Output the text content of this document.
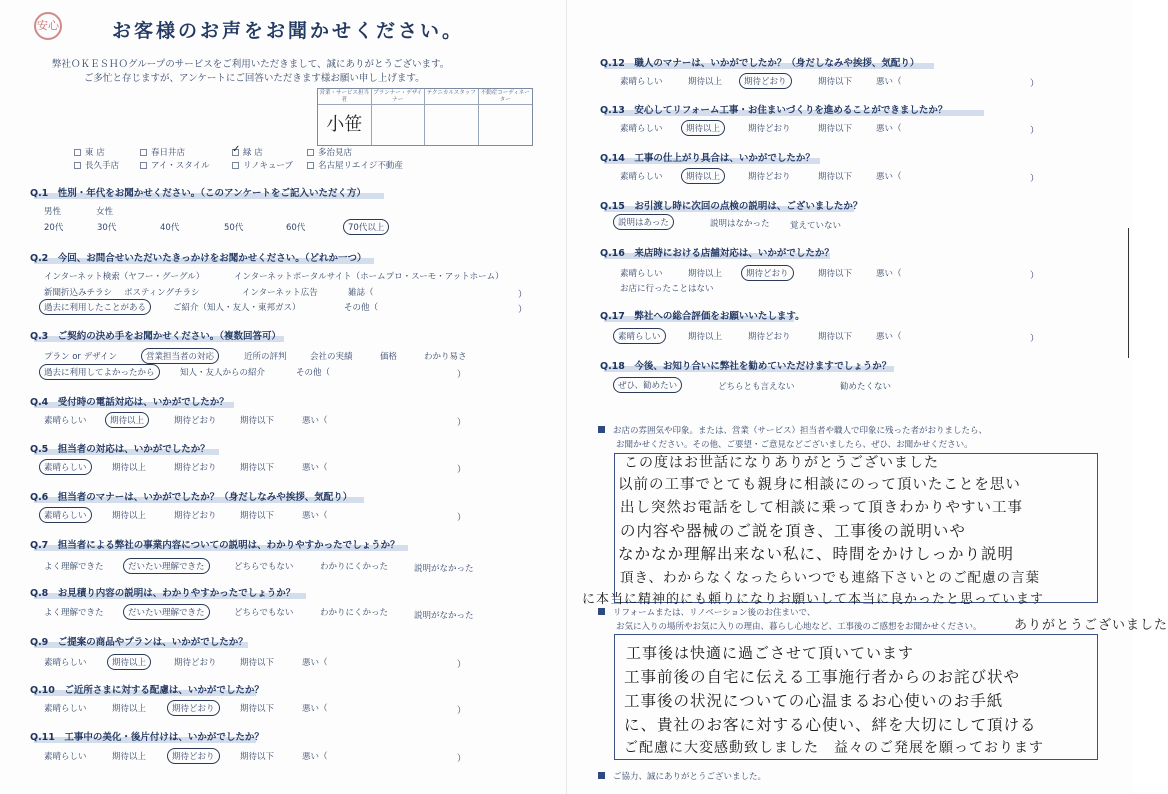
安心	お客様のお声をお聞かせください。
弊社ＯＫＥＳＨＯグループのサービスをご利用いただきまして、誠にありがとうございます。
ご多忙と存じますが、アンケートにご回答いただきます様お願い申し上げます。
営業・サービス担当者
プランナー・デザイナー
テクニカルスタッフ 不動産コーディネーター
小笹
東 店	春日井店
✓	緑 店	多治見店
長久手店	アイ・スタイル	リノキューブ	名古屋リエイジ不動産
Q.1　性別・年代をお聞かせください。（このアンケートをご記入いただく方）
男性	女性
20代	30代	40代	50代	60代	70代以上
Q.2　今回、お問合せいただいたきっかけをお聞かせください。（どれか一つ）
インターネット検索（ヤフー・グーグル）	インターネットポータルサイト（ホームプロ・スーモ・アットホーム）
新聞折込みチラシ ポスティングチラシ	インターネット広告	雑誌（	）
過去に利用したことがある	ご紹介（知人・友人・東邦ガス）	その他（	）
Q.3　ご契約の決め手をお聞かせください。（複数回答可）
プラン or デザイン	営業担当者の対応	近所の評判	会社の実績	価格	わかり易さ
過去に利用してよかったから	知人・友人からの紹介	その他（	）
Q.4　受付時の電話対応は、いかがでしたか？
素晴らしい	期待以上	期待どおり	期待以下	悪い（	）
Q.5　担当者の対応は、いかがでしたか？
素晴らしい	期待以上	期待どおり	期待以下	悪い（	）
Q.6　担当者のマナーは、いかがでしたか？（身だしなみや挨拶、気配り）
素晴らしい	期待以上	期待どおり	期待以下	悪い（	）
Q.7　担当者による弊社の事業内容についての説明は、わかりやすかったでしょうか？
よく理解できた	だいたい理解できた	どちらでもない	わかりにくかった	説明がなかった
Q.8　お見積り内容の説明は、わかりやすかったでしょうか？
よく理解できた	だいたい理解できた	どちらでもない	わかりにくかった	説明がなかった
Q.9　ご提案の商品やプランは、いかがでしたか？
素晴らしい	期待以上	期待どおり	期待以下	悪い（	）
Q.10　ご近所さまに対する配慮は、いかがでしたか？
素晴らしい	期待以上	期待どおり	期待以下	悪い（	）
Q.11　工事中の美化・後片付けは、いかがでしたか？
素晴らしい	期待以上	期待どおり	期待以下	悪い（	）
Q.12　職人のマナーは、いかがでしたか？（身だしなみや挨拶、気配り）
素晴らしい	期待以上	期待どおり	期待以下	悪い（	）
Q.13　安心してリフォーム工事・お住まいづくりを進めることができましたか？
素晴らしい	期待以上	期待どおり	期待以下	悪い（	）
Q.14　工事の仕上がり具合は、いかがでしたか？
素晴らしい	期待以上	期待どおり	期待以下	悪い（	）
Q.15　お引渡し時に次回の点検の説明は、ございましたか？
説明はあった	説明はなかった 覚えていない
Q.16　来店時における店舗対応は、いかがでしたか？
素晴らしい	期待以上	期待どおり	期待以下	悪い（	）
お店に行ったことはない
Q.17　弊社への総合評価をお願いいたします。
素晴らしい	期待以上	期待どおり	期待以下	悪い（	）
Q.18　今後、お知り合いに弊社を勧めていただけますでしょうか？
ぜひ、勧めたい	どちらとも言えない	勧めたくない
お店の雰囲気や印象。または、営業（サービス）担当者や職人で印象に残った者がおりましたら、
お聞かせください。その他、ご要望・ご意見などございましたら、ぜひ、お聞かせください。
この度はお世話になりありがとうございました
以前の工事でとても親身に相談にのって頂いたことを思い
出し突然お電話をして相談に乗って頂きわかりやすい工事
の内容や器械のご説を頂き、工事後の説明いや
なかなか理解出来ない私に、時間をかけしっかり説明
頂き、わからなくなったらいつでも連絡下さいとのご配慮の言葉
に本当に精神的にも頼りになりお願いして本当に良かったと思っています
リフォームまたは、リノベーション後のお住まいで、
お気に入りの場所やお気に入りの理由、暮らし心地など、工事後のご感想をお聞かせください。 ありがとうございました
工事後は快適に過ごさせて頂いています
工事前後の自宅に伝える工事施行者からのお詫び状や
工事後の状況についての心温まるお心使いのお手紙
に、貴社のお客に対する心使い、絆を大切にして頂ける
ご配慮に大変感動致しました　益々のご発展を願っております
ご協力、誠にありがとうございました。
